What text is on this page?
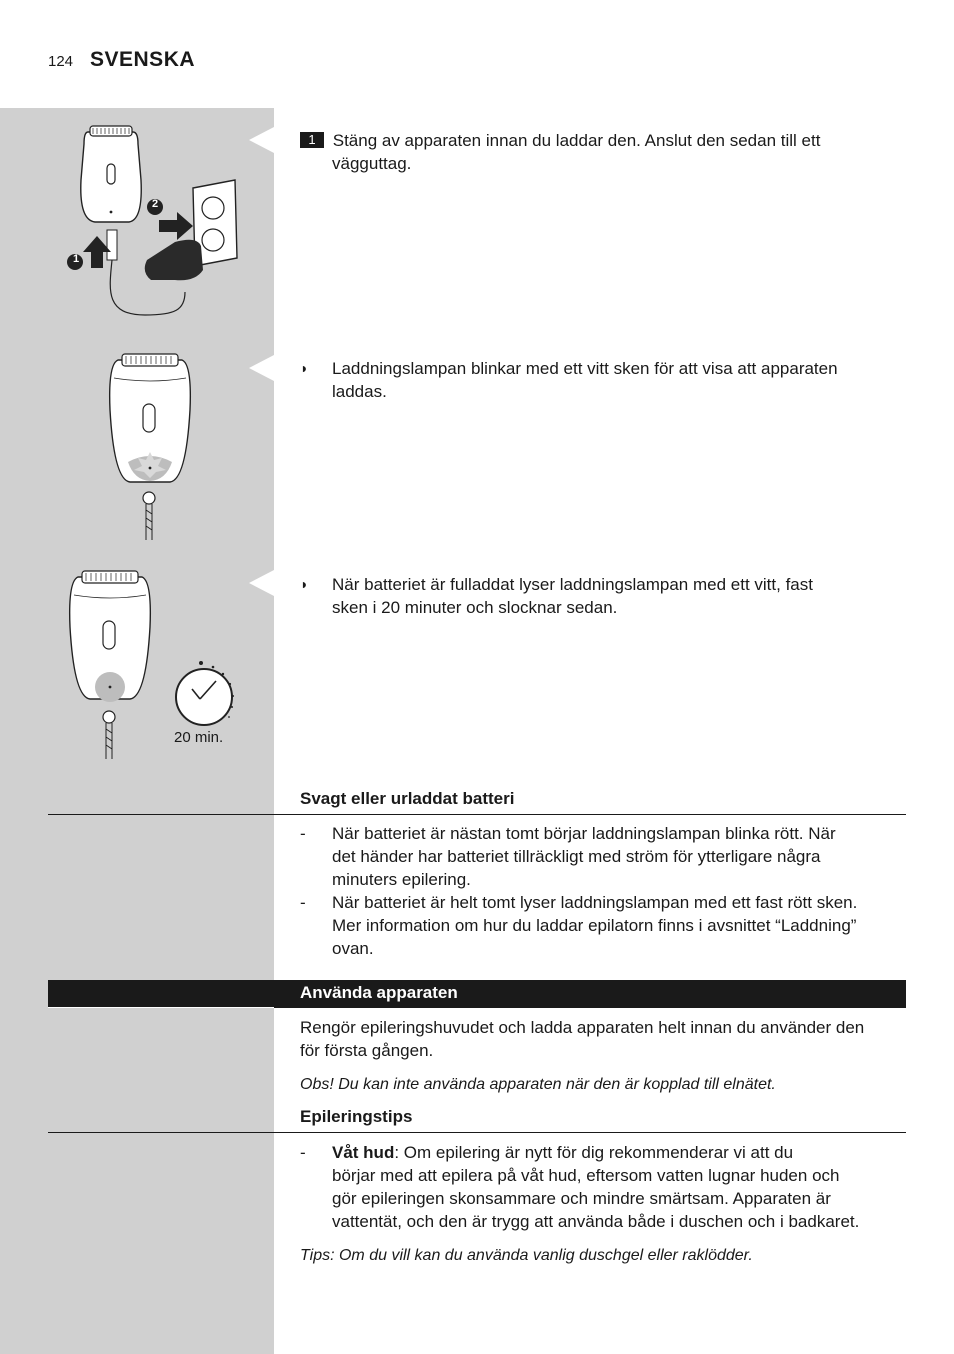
124 SVENSKA
1
2
20 min.
1 Stäng av apparaten innan du laddar den. Anslut den sedan till ett
vägguttag.
◗ Laddningslampan blinkar med ett vitt sken för att visa att apparaten
laddas.
◗ När batteriet är fulladdat lyser laddningslampan med ett vitt, fast
sken i 20 minuter och slocknar sedan.
Svagt eller urladdat batteri
- När batteriet är nästan tomt börjar laddningslampan blinka rött. När
det händer har batteriet tillräckligt med ström för ytterligare några
minuters epilering.
- När batteriet är helt tomt lyser laddningslampan med ett fast rött sken.
Mer information om hur du laddar epilatorn finns i avsnittet “Laddning”
ovan.
Använda apparaten
Rengör epileringshuvudet och ladda apparaten helt innan du använder den
för första gången.
Obs! Du kan inte använda apparaten när den är kopplad till elnätet.
Epileringstips
- Våt hud: Om epilering är nytt för dig rekommenderar vi att du
börjar med att epilera på våt hud, eftersom vatten lugnar huden och
gör epileringen skonsammare och mindre smärtsam. Apparaten är
vattentät, och den är trygg att använda både i duschen och i badkaret.
Tips: Om du vill kan du använda vanlig duschgel eller raklödder.
